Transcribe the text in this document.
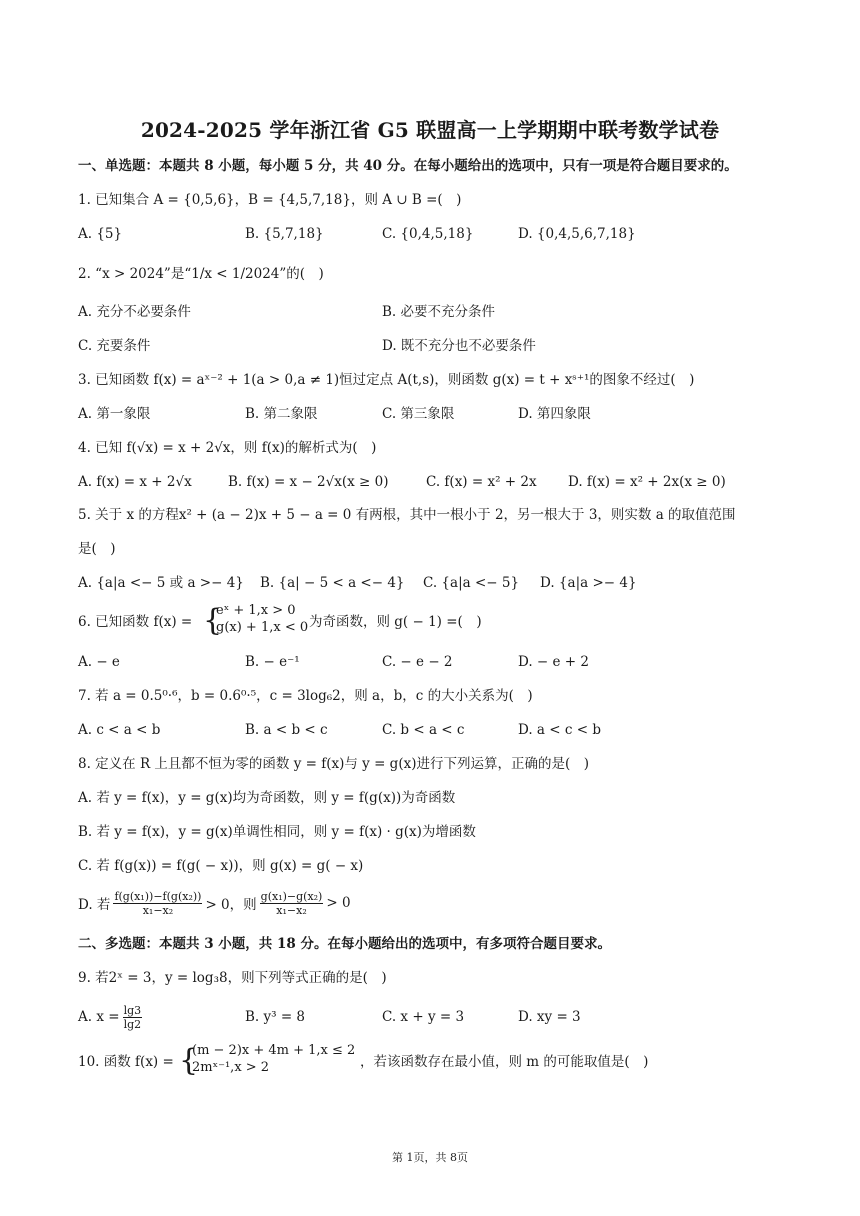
2024-2025 学年浙江省 G5 联盟高一上学期期中联考数学试卷
一、单选题：本题共 8 小题，每小题 5 分，共 40 分。在每小题给出的选项中，只有一项是符合题目要求的。
1. 已知集合 A = {0,5,6}，B = {4,5,7,18}，则 A ∪ B =(　)
A. {5}	B. {5,7,18}	C. {0,4,5,18}	D. {0,4,5,6,7,18}
2. “x > 2024”是“1/x < 1/2024”的(　)
A. 充分不必要条件	B. 必要不充分条件
C. 充要条件	D. 既不充分也不必要条件
3. 已知函数 f(x) = aˣ⁻² + 1(a > 0,a ≠ 1)恒过定点 A(t,s)，则函数 g(x) = t + xˢ⁺¹的图象不经过(　)
A. 第一象限	B. 第二象限	C. 第三象限	D. 第四象限
4. 已知 f(√x) = x + 2√x，则 f(x)的解析式为(　)
A. f(x) = x + 2√x	B. f(x) = x − 2√x(x ≥ 0)	C. f(x) = x² + 2x D. f(x) = x² + 2x(x ≥ 0)
5. 关于 x 的方程x² + (a − 2)x + 5 − a = 0 有两根，其中一根小于 2，另一根大于 3，则实数 a 的取值范围
是(　)
A. {a|a <− 5 或 a >− 4} B. {a| − 5 < a <− 4} C. {a|a <− 5} D. {a|a >− 4}
6. 已知函数 f(x) = {
eˣ + 1,x > 0
g(x) + 1,x < 0 为奇函数，则 g( − 1) =(　)
A. − e	B. − e⁻¹	C. − e − 2	D. − e + 2
7. 若 a = 0.5⁰·⁶，b = 0.6⁰·⁵，c = 3log₆2，则 a，b，c 的大小关系为(　)
A. c < a < b	B. a < b < c	C. b < a < c	D. a < c < b
8. 定义在 R 上且都不恒为零的函数 y = f(x)与 y = g(x)进行下列运算，正确的是(　)
A. 若 y = f(x)，y = g(x)均为奇函数，则 y = f(g(x))为奇函数
B. 若 y = f(x)，y = g(x)单调性相同，则 y = f(x) · g(x)为增函数
C. 若 f(g(x)) = f(g( − x))，则 g(x) = g( − x)
D. 若 $\frac{\text{f(g(x₁))−f(g(x₂))}}{\text{x₁−x₂}} > 0$，则 $\frac{\text{g(x₁)−g(x₂)}}{\text{x₁−x₂}} > 0$
二、多选题：本题共 3 小题，共 18 分。在每小题给出的选项中，有多项符合题目要求。
9. 若2ˣ = 3，y = log₃8，则下列等式正确的是(　)
A. $x = \frac{\lg 3}{\lg 2}$	B. y³ = 8	C. x + y = 3	D. xy = 3
10. 函数 f(x) = {
(m − 2)x + 4m + 1,x ≤ 2
2mˣ⁻¹,x > 2	，若该函数存在最小值，则 m 的可能取值是(　)
第 1页，共 8页
